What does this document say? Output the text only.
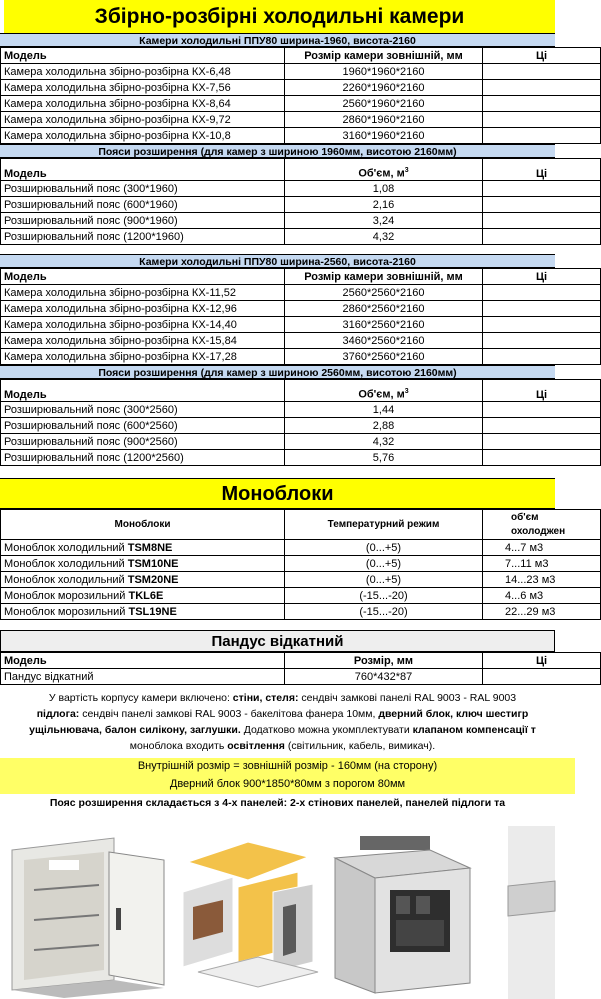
Збірно-розбірні холодильні камери
Камери холодильні ППУ80 ширина-1960, висота-2160
Модель	Розмір камери зовнішній, мм	Ці
Камера холодильна збірно-розбірна КХ-6,48	1960*1960*2160	
Камера холодильна збірно-розбірна КХ-7,56	2260*1960*2160	
Камера холодильна збірно-розбірна КХ-8,64	2560*1960*2160	
Камера холодильна збірно-розбірна КХ-9,72	2860*1960*2160	
Камера холодильна збірно-розбірна КХ-10,8	3160*1960*2160	
Пояси розширення (для камер з шириною 1960мм, висотою 2160мм)
Модель	Об'єм, $м^3$	Ці
Розширювальний пояс (300*1960)	1,08	
Розширювальний пояс (600*1960)	2,16	
Розширювальний пояс (900*1960)	3,24	
Розширювальний пояс (1200*1960)	4,32	
Камери холодильні ППУ80 ширина-2560, висота-2160
Модель	Розмір камери зовнішній, мм	Ці
Камера холодильна збірно-розбірна КХ-11,52	2560*2560*2160	
Камера холодильна збірно-розбірна КХ-12,96	2860*2560*2160	
Камера холодильна збірно-розбірна КХ-14,40	3160*2560*2160	
Камера холодильна збірно-розбірна КХ-15,84	3460*2560*2160	
Камера холодильна збірно-розбірна КХ-17,28	3760*2560*2160	
Пояси розширення (для камер з шириною 2560мм, висотою 2160мм)
Модель	Об'єм, $м^3$	Ці
Розширювальний пояс (300*2560)	1,44	
Розширювальний пояс (600*2560)	2,88	
Розширювальний пояс (900*2560)	4,32	
Розширювальний пояс (1200*2560)	5,76	
Моноблоки
Моноблоки	Температурний режим	об'єм
охолоджен

Моноблок холодильний TSM8NE	(0...+5)	4...7 м3
Моноблок холодильний TSM10NE	(0...+5)	7...11 м3
Моноблок холодильний TSM20NE	(0...+5)	14...23 м3
Моноблок морозильний TKL6E	(-15...-20)	4...6 м3
Моноблок морозильний TSL19NE	(-15...-20)	22...29 м3
Пандус відкатний
Модель	Розмір, мм	Ці
Пандус відкатний	760*432*87	
У вартість корпусу камери включено: стіни, стеля: сендвіч замкові панелі RAL 9003 - RAL 9003
підлога: сендвіч панелі замкові RAL 9003 - бакелітова фанера 10мм, дверний блок, ключ шестигр
ущільнювача, балон силікону, заглушки. Додатково можна укомплектувати клапаном компенсації т
моноблока входить освітлення (світильник, кабель, вимикач).
Внутрішній розмір = зовнішній розмір - 160мм (на сторону)
Дверний блок 900*1850*80мм з порогом 80мм
Пояс розширення складається з 4-х панелей: 2-х стінових панелей, панелей підлоги та
